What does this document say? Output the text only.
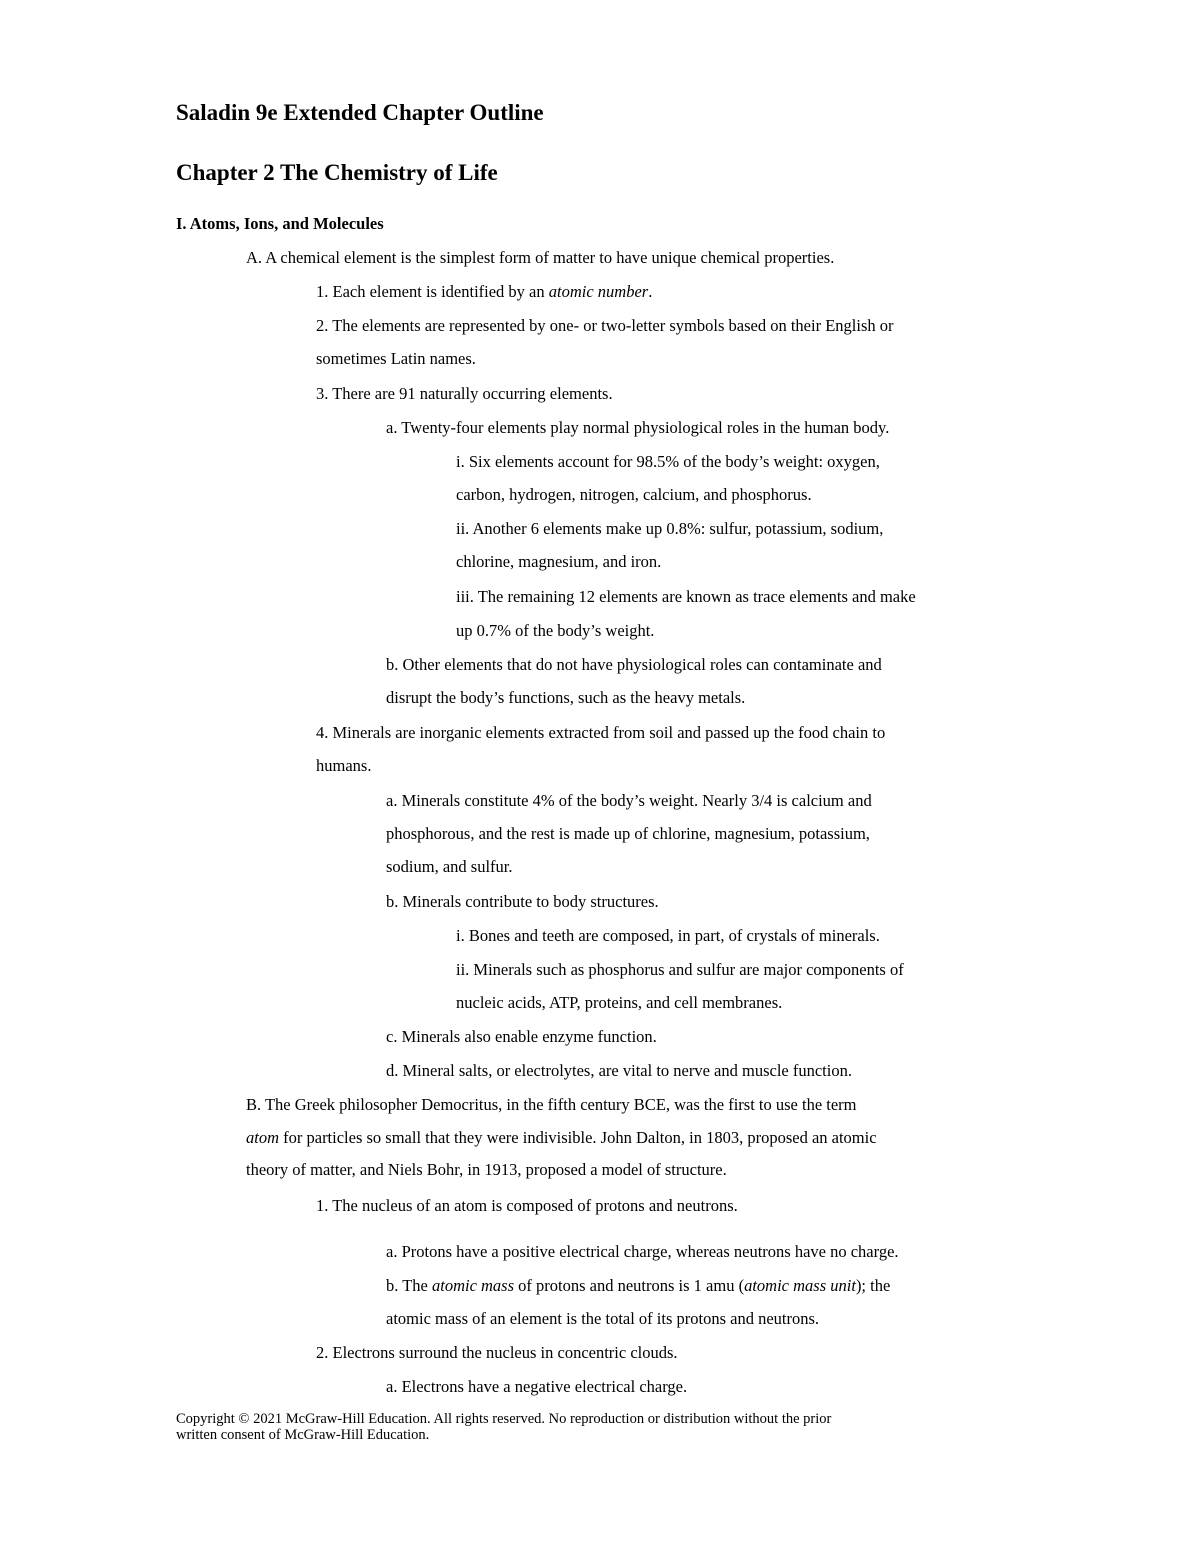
Saladin 9e Extended Chapter Outline
Chapter 2 The Chemistry of Life
I. Atoms, Ions, and Molecules
A. A chemical element is the simplest form of matter to have unique chemical properties.
1. Each element is identified by an atomic number.
2. The elements are represented by one- or two-letter symbols based on their English or
sometimes Latin names.
3. There are 91 naturally occurring elements.
a. Twenty-four elements play normal physiological roles in the human body.
i. Six elements account for 98.5% of the body’s weight: oxygen,
carbon, hydrogen, nitrogen, calcium, and phosphorus.
ii. Another 6 elements make up 0.8%: sulfur, potassium, sodium,
chlorine, magnesium, and iron.
iii. The remaining 12 elements are known as trace elements and make
up 0.7% of the body’s weight.
b. Other elements that do not have physiological roles can contaminate and
disrupt the body’s functions, such as the heavy metals.
4. Minerals are inorganic elements extracted from soil and passed up the food chain to
humans.
a. Minerals constitute 4% of the body’s weight. Nearly 3/4 is calcium and
phosphorous, and the rest is made up of chlorine, magnesium, potassium,
sodium, and sulfur.
b. Minerals contribute to body structures.
i. Bones and teeth are composed, in part, of crystals of minerals.
ii. Minerals such as phosphorus and sulfur are major components of
nucleic acids, ATP, proteins, and cell membranes.
c. Minerals also enable enzyme function.
d. Mineral salts, or electrolytes, are vital to nerve and muscle function.
B. The Greek philosopher Democritus, in the fifth century BCE, was the first to use the term
atom for particles so small that they were indivisible. John Dalton, in 1803, proposed an atomic
theory of matter, and Niels Bohr, in 1913, proposed a model of structure.
1. The nucleus of an atom is composed of protons and neutrons.
a. Protons have a positive electrical charge, whereas neutrons have no charge.
b. The atomic mass of protons and neutrons is 1 amu (atomic mass unit); the
atomic mass of an element is the total of its protons and neutrons.
2. Electrons surround the nucleus in concentric clouds.
a. Electrons have a negative electrical charge.
Copyright © 2021 McGraw-Hill Education. All rights reserved. No reproduction or distribution without the prior
written consent of McGraw-Hill Education.
